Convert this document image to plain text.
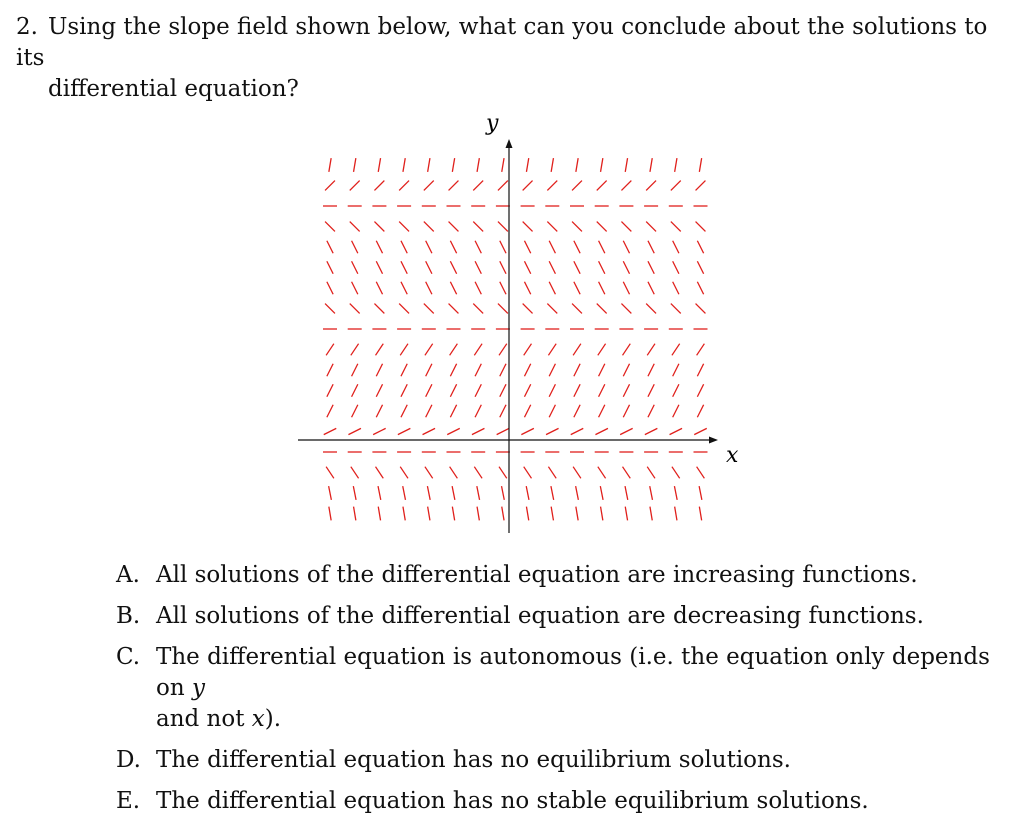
2. Using the slope field shown below, what can you conclude about the solutions to its
differential equation?
y
x
A. All solutions of the differential equation are increasing functions.
B. All solutions of the differential equation are decreasing functions.
C. The differential equation is autonomous (i.e. the equation only depends on y
and not x).
D. The differential equation has no equilibrium solutions.
E. The differential equation has no stable equilibrium solutions.
